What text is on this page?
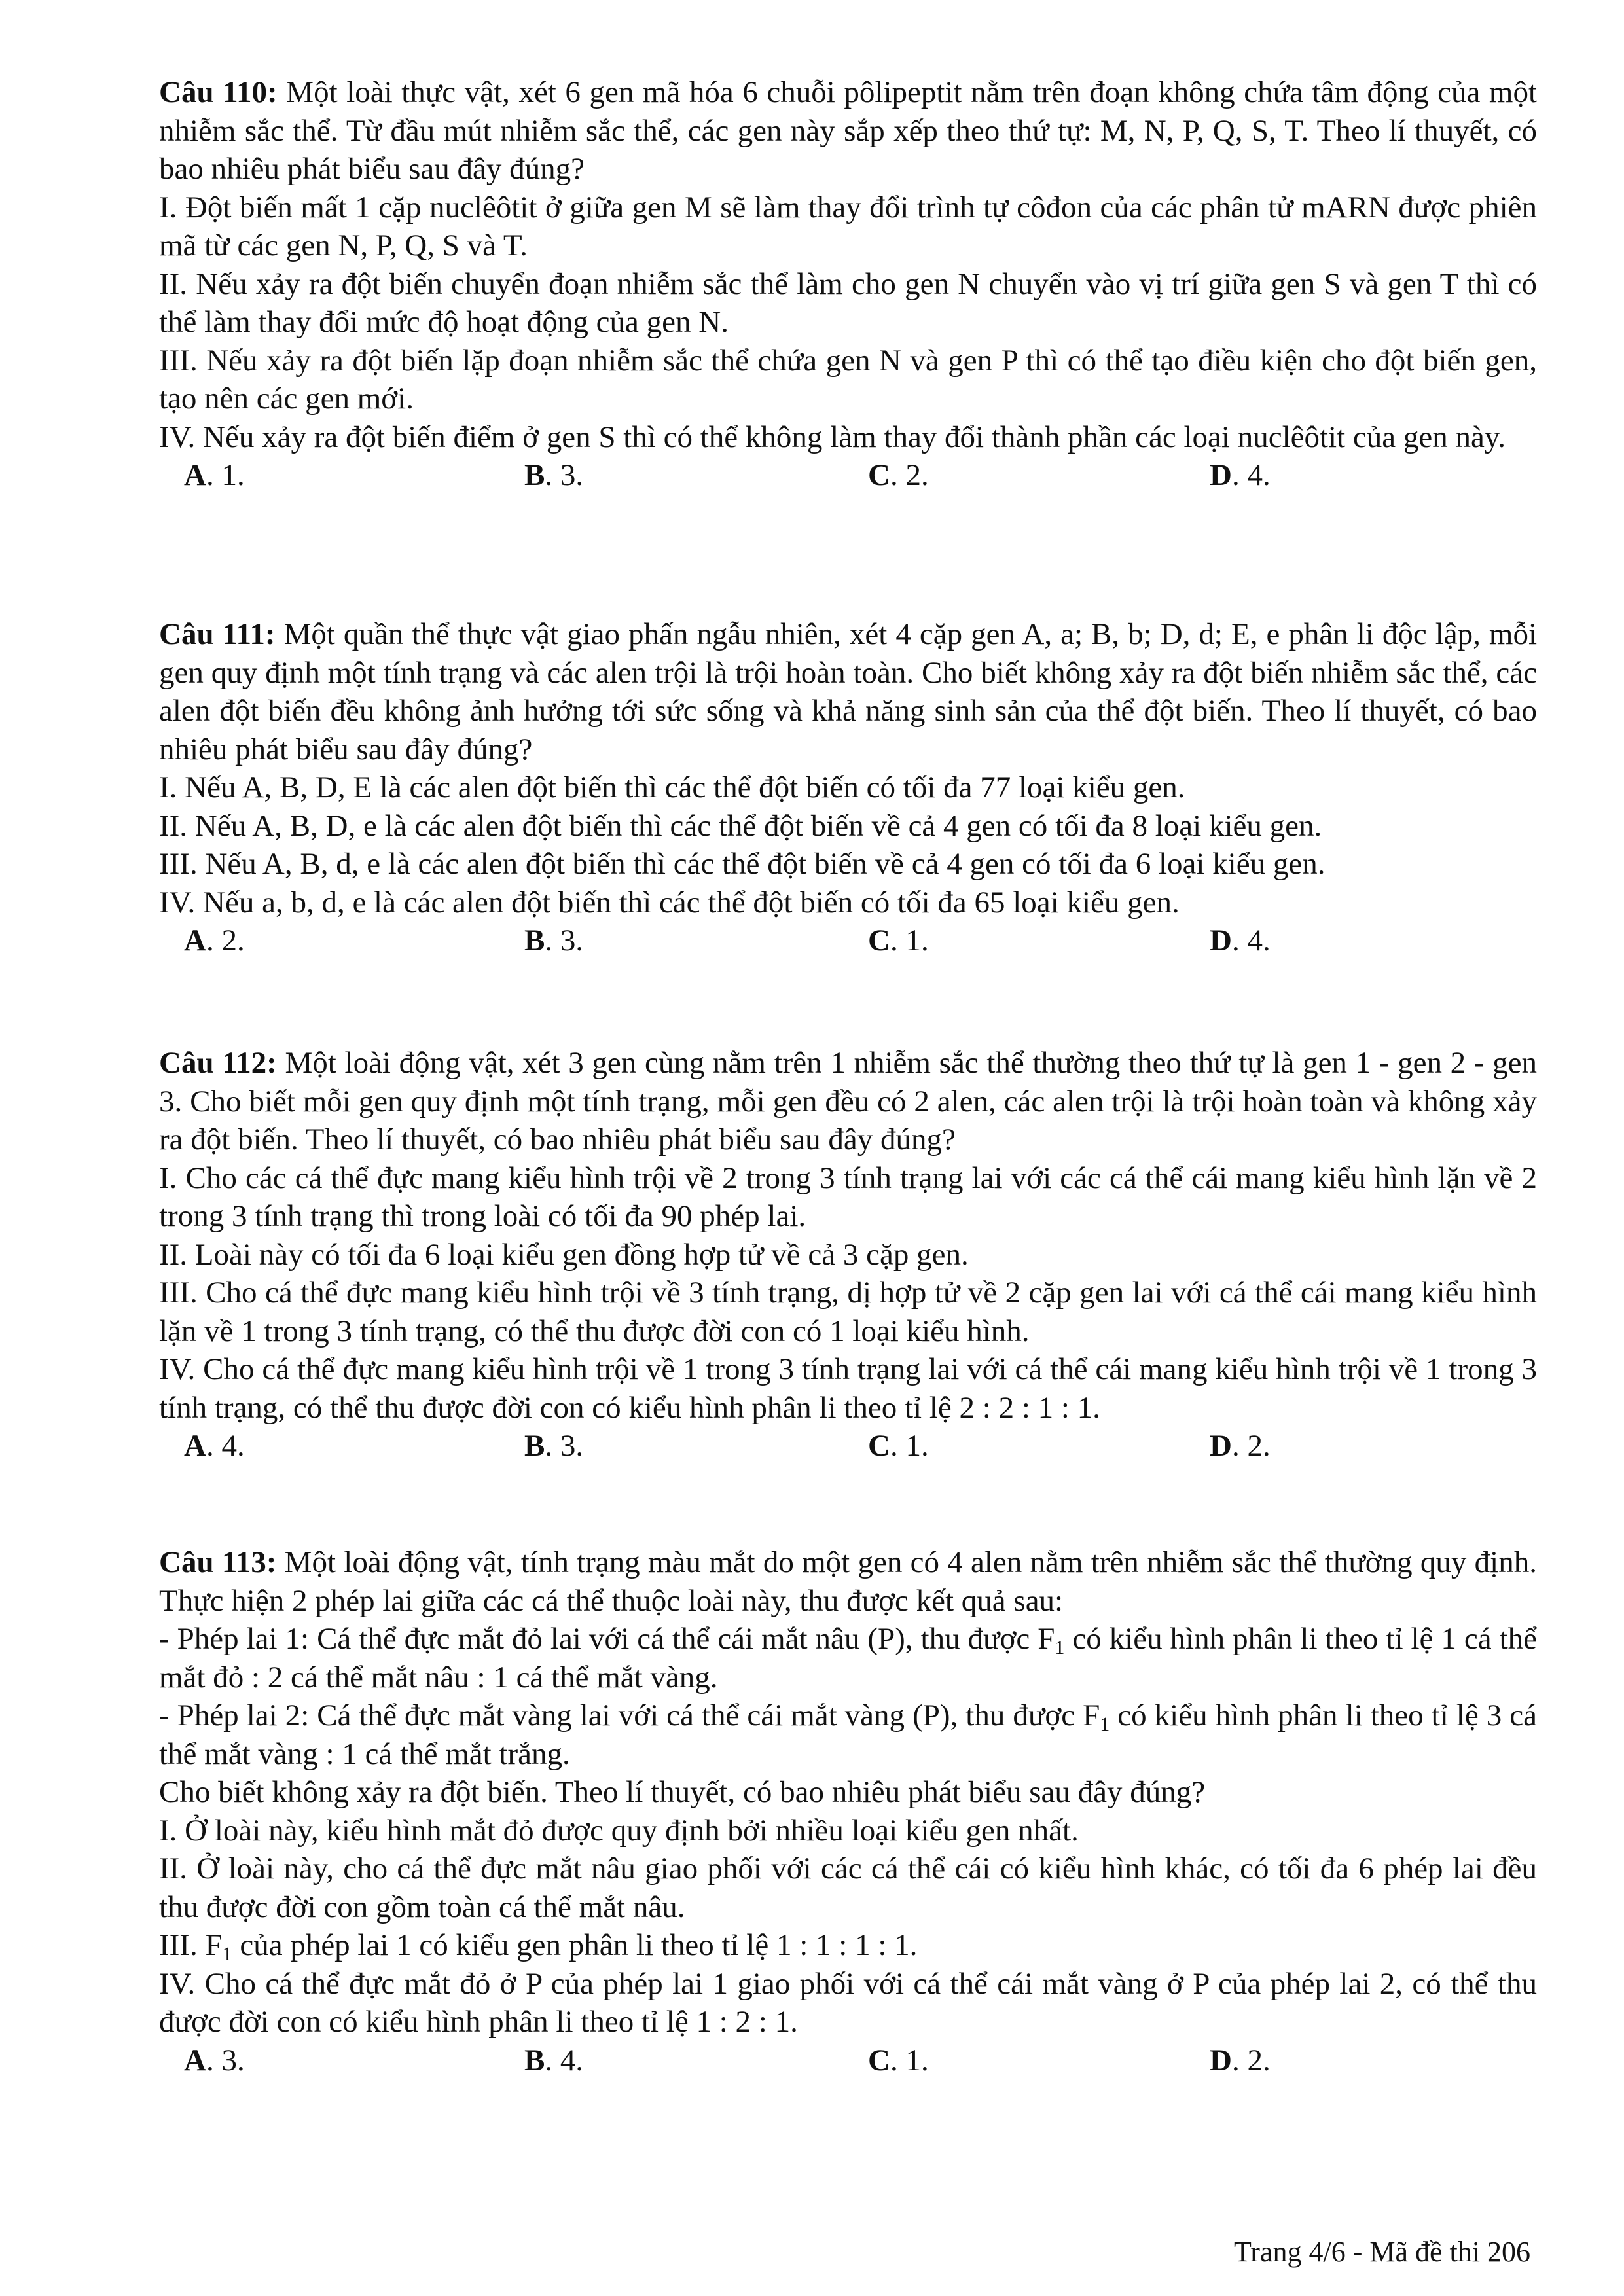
Câu 110: Một loài thực vật, xét 6 gen mã hóa 6 chuỗi pôlipeptit nằm trên đoạn không chứa tâm động của một nhiễm sắc thể. Từ đầu mút nhiễm sắc thể, các gen này sắp xếp theo thứ tự: M, N, P, Q, S, T. Theo lí thuyết, có bao nhiêu phát biểu sau đây đúng?

I. Đột biến mất 1 cặp nuclêôtit ở giữa gen M sẽ làm thay đổi trình tự côđon của các phân tử mARN được phiên mã từ các gen N, P, Q, S và T.

II. Nếu xảy ra đột biến chuyển đoạn nhiễm sắc thể làm cho gen N chuyển vào vị trí giữa gen S và gen T thì có thể làm thay đổi mức độ hoạt động của gen N.

III. Nếu xảy ra đột biến lặp đoạn nhiễm sắc thể chứa gen N và gen P thì có thể tạo điều kiện cho đột biến gen, tạo nên các gen mới.

IV. Nếu xảy ra đột biến điểm ở gen S thì có thể không làm thay đổi thành phần các loại nuclêôtit của gen này.

A. 1.	B. 3.	C. 2.	D. 4.

Câu 111: Một quần thể thực vật giao phấn ngẫu nhiên, xét 4 cặp gen A, a; B, b; D, d; E, e phân li độc lập, mỗi gen quy định một tính trạng và các alen trội là trội hoàn toàn. Cho biết không xảy ra đột biến nhiễm sắc thể, các alen đột biến đều không ảnh hưởng tới sức sống và khả năng sinh sản của thể đột biến. Theo lí thuyết, có bao nhiêu phát biểu sau đây đúng?

I. Nếu A, B, D, E là các alen đột biến thì các thể đột biến có tối đa 77 loại kiểu gen.

II. Nếu A, B, D, e là các alen đột biến thì các thể đột biến về cả 4 gen có tối đa 8 loại kiểu gen.

III. Nếu A, B, d, e là các alen đột biến thì các thể đột biến về cả 4 gen có tối đa 6 loại kiểu gen.

IV. Nếu a, b, d, e là các alen đột biến thì các thể đột biến có tối đa 65 loại kiểu gen.

A. 2.	B. 3.	C. 1.	D. 4.

Câu 112: Một loài động vật, xét 3 gen cùng nằm trên 1 nhiễm sắc thể thường theo thứ tự là gen 1 - gen 2 - gen 3. Cho biết mỗi gen quy định một tính trạng, mỗi gen đều có 2 alen, các alen trội là trội hoàn toàn và không xảy ra đột biến. Theo lí thuyết, có bao nhiêu phát biểu sau đây đúng?

I. Cho các cá thể đực mang kiểu hình trội về 2 trong 3 tính trạng lai với các cá thể cái mang kiểu hình lặn về 2 trong 3 tính trạng thì trong loài có tối đa 90 phép lai.

II. Loài này có tối đa 6 loại kiểu gen đồng hợp tử về cả 3 cặp gen.

III. Cho cá thể đực mang kiểu hình trội về 3 tính trạng, dị hợp tử về 2 cặp gen lai với cá thể cái mang kiểu hình lặn về 1 trong 3 tính trạng, có thể thu được đời con có 1 loại kiểu hình.

IV. Cho cá thể đực mang kiểu hình trội về 1 trong 3 tính trạng lai với cá thể cái mang kiểu hình trội về 1 trong 3 tính trạng, có thể thu được đời con có kiểu hình phân li theo tỉ lệ 2 : 2 : 1 : 1.

A. 4.	B. 3.	C. 1.	D. 2.

Câu 113: Một loài động vật, tính trạng màu mắt do một gen có 4 alen nằm trên nhiễm sắc thể thường quy định. Thực hiện 2 phép lai giữa các cá thể thuộc loài này, thu được kết quả sau:

- Phép lai 1: Cá thể đực mắt đỏ lai với cá thể cái mắt nâu (P), thu được $F_1$ có kiểu hình phân li theo tỉ lệ 1 cá thể mắt đỏ : 2 cá thể mắt nâu : 1 cá thể mắt vàng.

- Phép lai 2: Cá thể đực mắt vàng lai với cá thể cái mắt vàng (P), thu được $F_1$ có kiểu hình phân li theo tỉ lệ 3 cá thể mắt vàng : 1 cá thể mắt trắng.

Cho biết không xảy ra đột biến. Theo lí thuyết, có bao nhiêu phát biểu sau đây đúng?

I. Ở loài này, kiểu hình mắt đỏ được quy định bởi nhiều loại kiểu gen nhất.

II. Ở loài này, cho cá thể đực mắt nâu giao phối với các cá thể cái có kiểu hình khác, có tối đa 6 phép lai đều thu được đời con gồm toàn cá thể mắt nâu.

III. $F_1$ của phép lai 1 có kiểu gen phân li theo tỉ lệ 1 : 1 : 1 : 1.

IV. Cho cá thể đực mắt đỏ ở P của phép lai 1 giao phối với cá thể cái mắt vàng ở P của phép lai 2, có thể thu được đời con có kiểu hình phân li theo tỉ lệ 1 : 2 : 1.

A. 3.	B. 4.	C. 1.	D. 2.
Trang 4/6 - Mã đề thi 206
